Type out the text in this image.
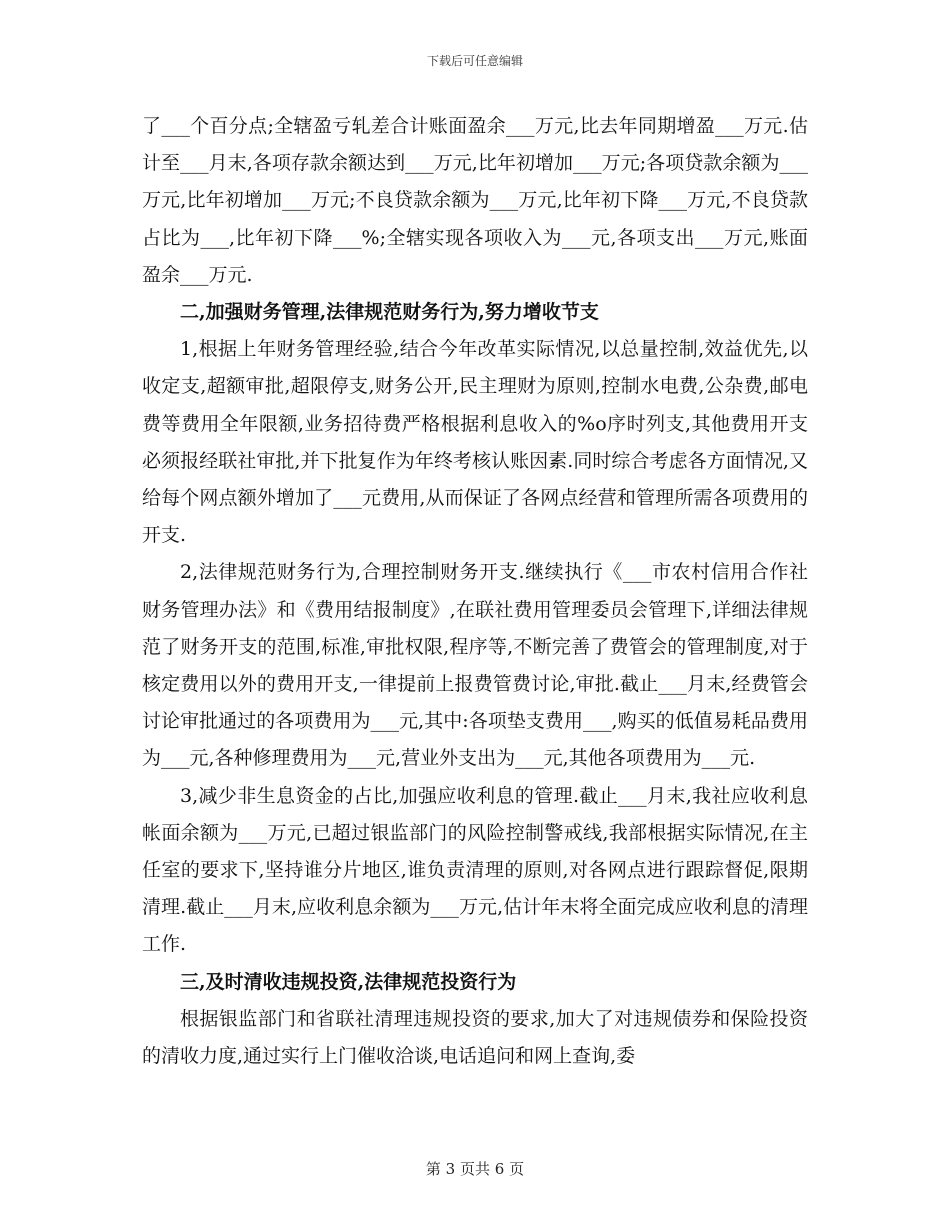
下载后可任意编辑

了___个百分点;全辖盈亏轧差合计账面盈余___万元,比去年同期增盈___万元.估计至___月末,各项存款余额达到___万元,比年初增加___万元;各项贷款余额为___万元,比年初增加___万元;不良贷款余额为___万元,比年初下降___万元,不良贷款占比为___,比年初下降___%;全辖实现各项收入为___元,各项支出___万元,账面盈余___万元.

二,加强财务管理,法律规范财务行为,努力增收节支

1,根据上年财务管理经验,结合今年改革实际情况,以总量控制,效益优先,以收定支,超额审批,超限停支,财务公开,民主理财为原则,控制水电费,公杂费,邮电费等费用全年限额,业务招待费严格根据利息收入的%o序时列支,其他费用开支必须报经联社审批,并下批复作为年终考核认账因素.同时综合考虑各方面情况,又给每个网点额外增加了___元费用,从而保证了各网点经营和管理所需各项费用的开支.

2,法律规范财务行为,合理控制财务开支.继续执行《___市农村信用合作社财务管理办法》和《费用结报制度》,在联社费用管理委员会管理下,详细法律规范了财务开支的范围,标准,审批权限,程序等,不断完善了费管会的管理制度,对于核定费用以外的费用开支,一律提前上报费管费讨论,审批.截止___月末,经费管会讨论审批通过的各项费用为___元,其中:各项垫支费用___,购买的低值易耗品费用为___元,各种修理费用为___元,营业外支出为___元,其他各项费用为___元.

3,减少非生息资金的占比,加强应收利息的管理.截止___月末,我社应收利息帐面余额为___万元,已超过银监部门的风险控制警戒线,我部根据实际情况,在主任室的要求下,坚持谁分片地区,谁负责清理的原则,对各网点进行跟踪督促,限期清理.截止___月末,应收利息余额为___万元,估计年末将全面完成应收利息的清理工作.

三,及时清收违规投资,法律规范投资行为

根据银监部门和省联社清理违规投资的要求,加大了对违规债券和保险投资的清收力度,通过实行上门催收洽谈,电话追问和网上查询,委

第 3 页共 6 页
